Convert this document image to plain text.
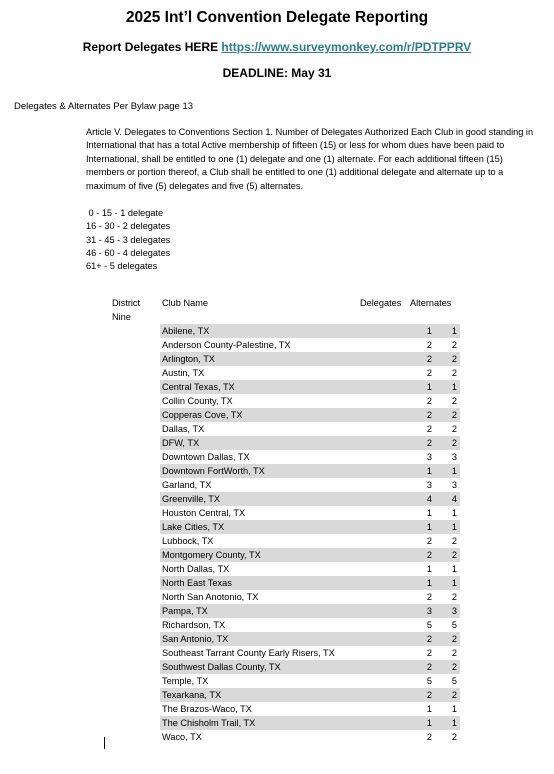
2025 Int’l Convention Delegate Reporting
Report Delegates HERE https://www.surveymonkey.com/r/PDTPPRV
DEADLINE: May 31
Delegates & Alternates Per Bylaw page 13
Article V. Delegates to Conventions Section 1. Number of Delegates Authorized Each Club in good standing in International that has a total Active membership of fifteen (15) or less for whom dues have been paid to International, shall be entitled to one (1) delegate and one (1) alternate. For each additional fifteen (15) members or portion thereof, a Club shall be entitled to one (1) additional delegate and alternate up to a maximum of five (5) delegates and five (5) alternates.
0 - 15 - 1 delegate
16 - 30 - 2 delegates
31 - 45 - 3 delegates
46 - 60 - 4 delegates
61+ - 5 delegates
District Nine
Club Name	Delegates Alternates
Abilene, TX	1	1
Anderson County-Palestine, TX	2	2
Arlington, TX	2	2
Austin, TX	2	2
Central Texas, TX	1	1
Collin County, TX	2	2
Copperas Cove, TX	2	2
Dallas, TX	2	2
DFW, TX	2	2
Downtown Dallas, TX	3	3
Downtown FortWorth, TX	1	1
Garland, TX	3	3
Greenville, TX	4	4
Houston Central, TX	1	1
Lake Cities, TX	1	1
Lubbock, TX	2	2
Montgomery County, TX	2	2
North Dallas, TX	1	1
North East Texas	1	1
North San Anotonio, TX	2	2
Pampa, TX	3	3
Richardson, TX	5	5
San Antonio, TX	2	2
Southeast Tarrant County Early Risers, TX	2	2
Southwest Dallas County, TX	2	2
Temple, TX	5	5
Texarkana, TX	2	2
The Brazos-Waco, TX	1	1
The Chisholm Trail, TX	1	1
Waco, TX	2	2
